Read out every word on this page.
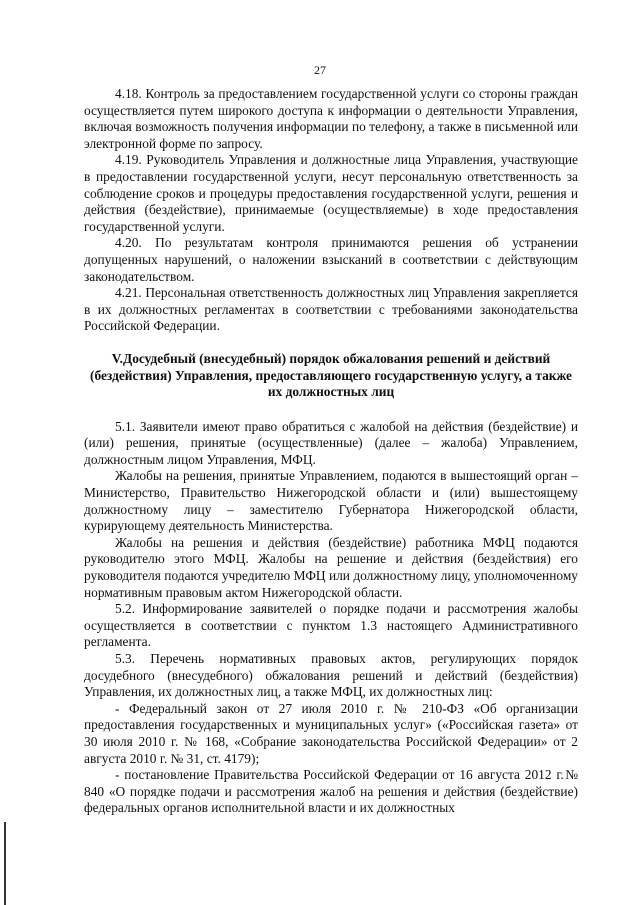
27

4.18. Контроль за предоставлением государственной услуги со стороны граждан осуществляется путем широкого доступа к информации о деятельности Управления, включая возможность получения информации по телефону, а также в письменной или электронной форме по запросу.

4.19. Руководитель Управления и должностные лица Управления, участвующие в предоставлении государственной услуги, несут персональную ответственность за соблюдение сроков и процедуры предоставления государственной услуги, решения и действия (бездействие), принимаемые (осуществляемые) в ходе предоставления государственной услуги.

4.20. По результатам контроля принимаются решения об устранении допущенных нарушений, о наложении взысканий в соответствии с действующим законодательством.

4.21. Персональная ответственность должностных лиц Управления закрепляется в их должностных регламентах в соответствии с требованиями законодательства Российской Федерации.

V.Досудебный (внесудебный) порядок обжалования решений и действий (бездействия) Управления, предоставляющего государственную услугу, а также их должностных лиц

5.1. Заявители имеют право обратиться с жалобой на действия (бездействие) и (или) решения, принятые (осуществленные) (далее – жалоба) Управлением, должностным лицом Управления, МФЦ.

Жалобы на решения, принятые Управлением, подаются в вышестоящий орган – Министерство, Правительство Нижегородской области и (или) вышестоящему должностному лицу – заместителю Губернатора Нижегородской области, курирующему деятельность Министерства.

Жалобы на решения и действия (бездействие) работника МФЦ подаются руководителю этого МФЦ. Жалобы на решение и действия (бездействия) его руководителя подаются учредителю МФЦ или должностному лицу, уполномоченному нормативным правовым актом Нижегородской области.

5.2. Информирование заявителей о порядке подачи и рассмотрения жалобы осуществляется в соответствии с пунктом 1.3 настоящего Административного регламента.

5.3. Перечень нормативных правовых актов, регулирующих порядок досудебного (внесудебного) обжалования решений и действий (бездействия) Управления, их должностных лиц, а также МФЦ, их должностных лиц:

- Федеральный закон от 27 июля 2010 г. № 210-ФЗ «Об организации предоставления государственных и муниципальных услуг» («Российская газета» от 30 июля 2010 г. № 168, «Собрание законодательства Российской Федерации» от 2 августа 2010 г. № 31, ст. 4179);

- постановление Правительства Российской Федерации от 16 августа 2012 г.№ 840 «О порядке подачи и рассмотрения жалоб на решения и действия (бездействие) федеральных органов исполнительной власти и их должностных
